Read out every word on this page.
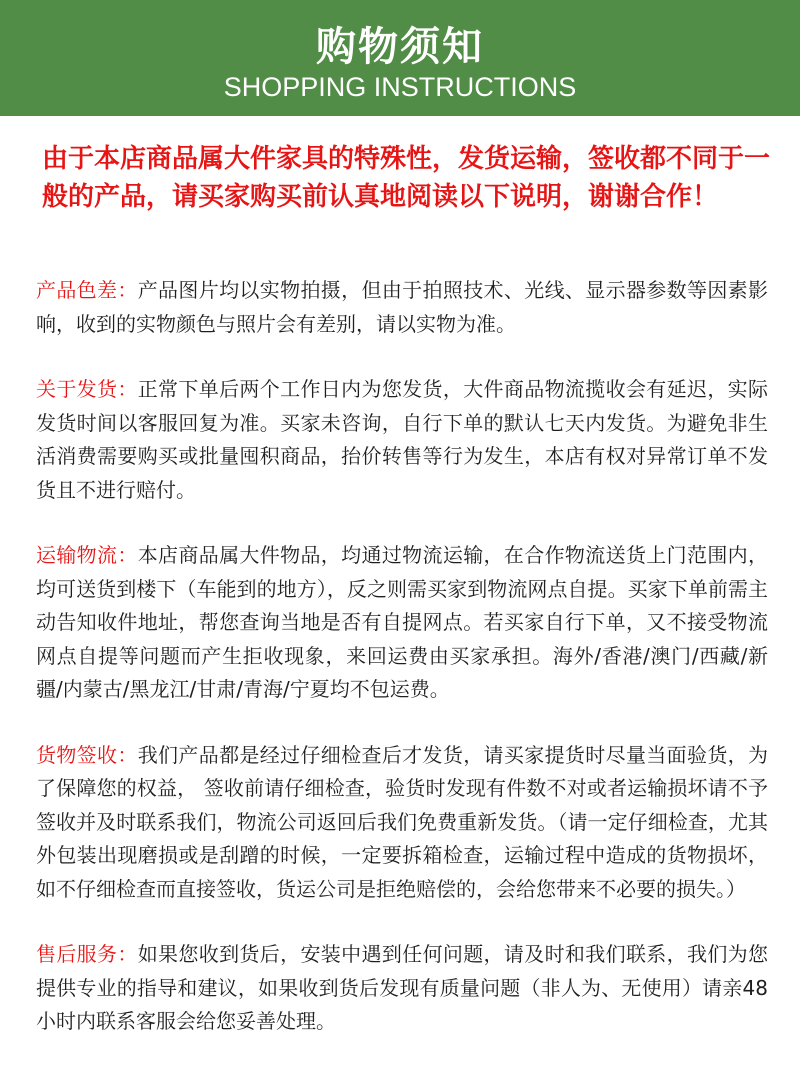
购物须知
SHOPPING INSTRUCTIONS
由于本店商品属大件家具的特殊性，发货运输，签收都不同于一般的产品，请买家购买前认真地阅读以下说明，谢谢合作！

产品色差：产品图片均以实物拍摄，但由于拍照技术、光线、显示器参数等因素影响，收到的实物颜色与照片会有差别，请以实物为准。

关于发货：正常下单后两个工作日内为您发货，大件商品物流揽收会有延迟，实际发货时间以客服回复为准。买家未咨询，自行下单的默认七天内发货。为避免非生活消费需要购买或批量囤积商品，抬价转售等行为发生，本店有权对异常订单不发货且不进行赔付。

运输物流：本店商品属大件物品，均通过物流运输，在合作物流送货上门范围内，均可送货到楼下（车能到的地方），反之则需买家到物流网点自提。买家下单前需主动告知收件地址，帮您查询当地是否有自提网点。若买家自行下单，又不接受物流网点自提等问题而产生拒收现象，来回运费由买家承担。海外/香港/澳门/西藏/新疆/内蒙古/黑龙江/甘肃/青海/宁夏均不包运费。

货物签收：我们产品都是经过仔细检查后才发货，请买家提货时尽量当面验货，为了保障您的权益， 签收前请仔细检查，验货时发现有件数不对或者运输损坏请不予签收并及时联系我们，物流公司返回后我们免费重新发货。（请一定仔细检查，尤其外包装出现磨损或是刮蹭的时候，一定要拆箱检查，运输过程中造成的货物损坏，如不仔细检查而直接签收，货运公司是拒绝赔偿的，会给您带来不必要的损失。）

售后服务：如果您收到货后，安装中遇到任何问题，请及时和我们联系，我们为您提供专业的指导和建议，如果收到货后发现有质量问题（非人为、无使用）请亲48小时内联系客服会给您妥善处理。
